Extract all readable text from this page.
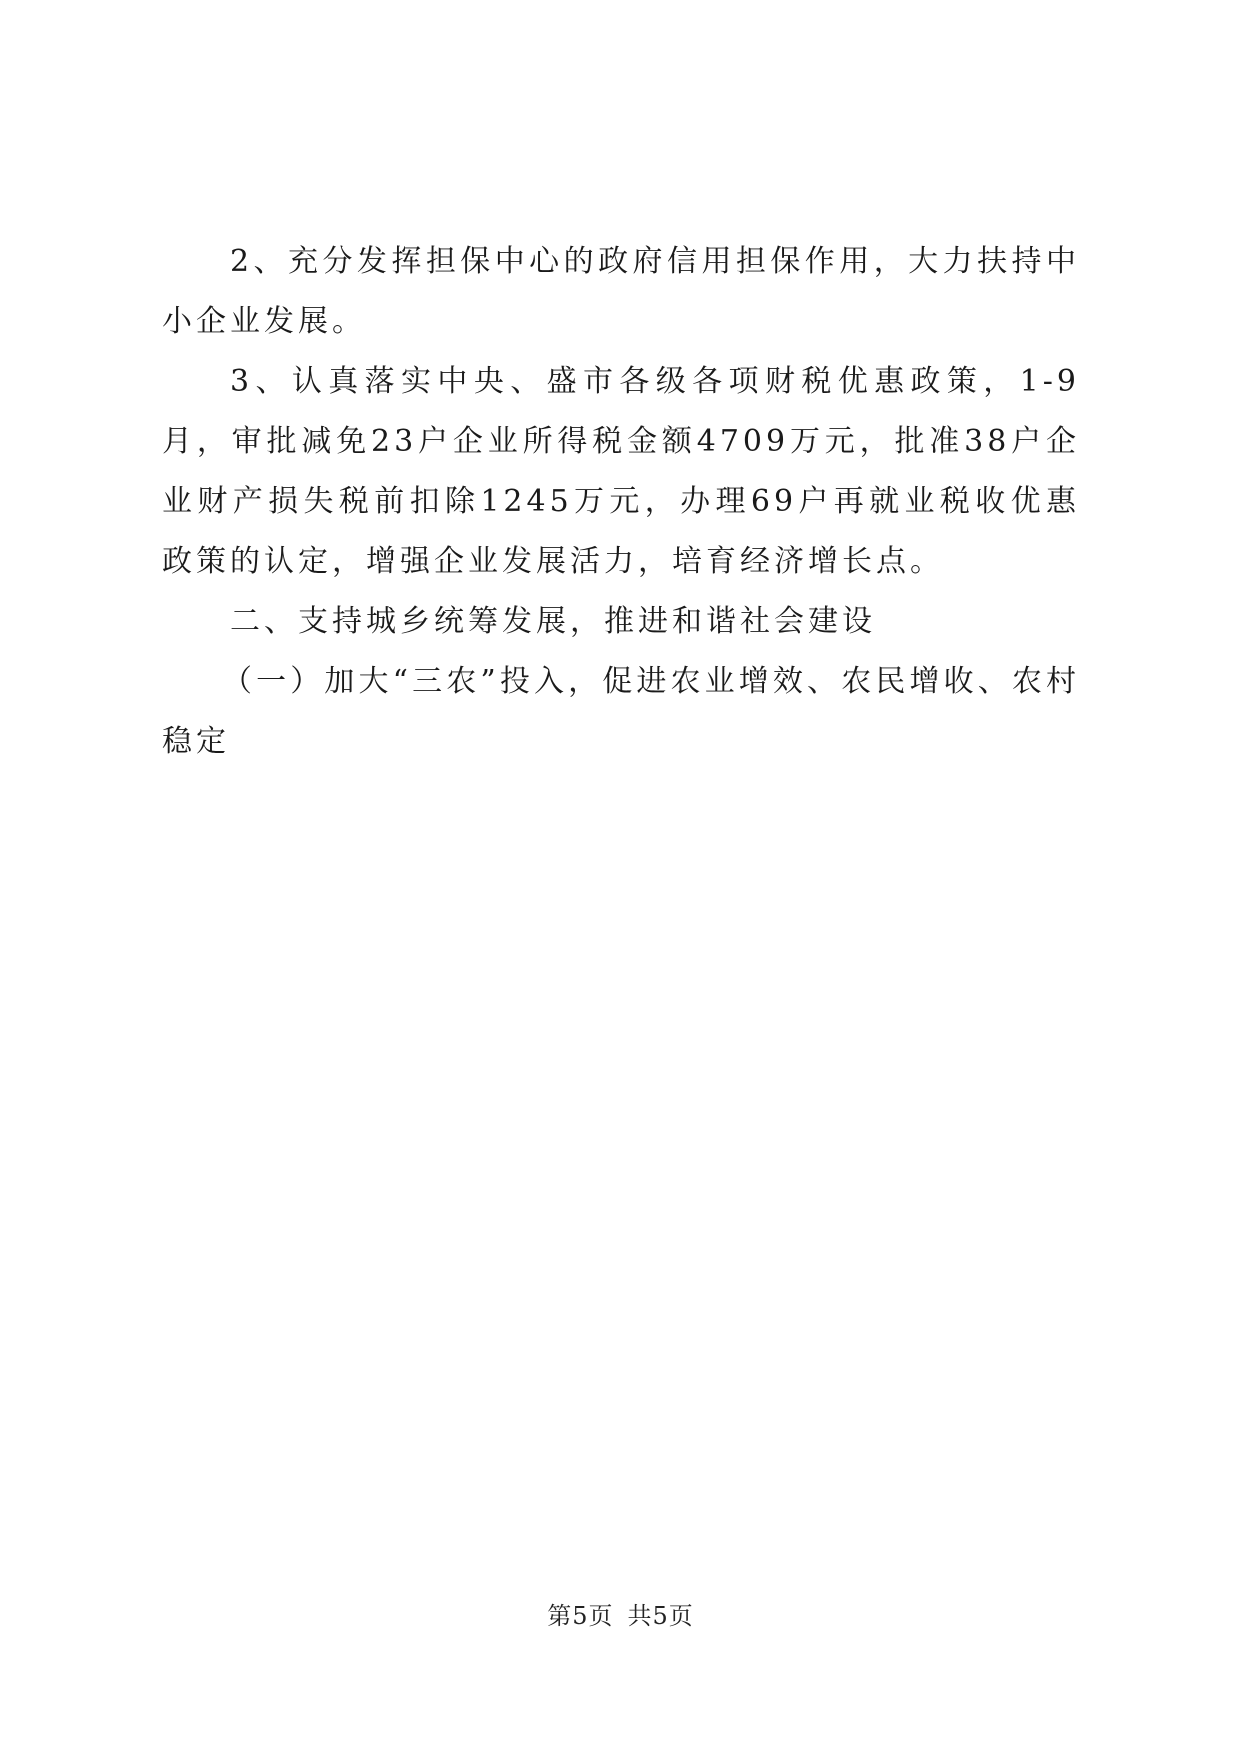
2、充分发挥担保中心的政府信用担保作用，大力扶持中小企业发展。

3、认真落实中央、盛市各级各项财税优惠政策，1-9月，审批减免23户企业所得税金额4709万元，批准38户企业财产损失税前扣除1245万元，办理69户再就业税收优惠政策的认定，增强企业发展活力，培育经济增长点。

二、支持城乡统筹发展，推进和谐社会建设

（一）加大“三农”投入，促进农业增效、农民增收、农村稳定

第5页 共5页
